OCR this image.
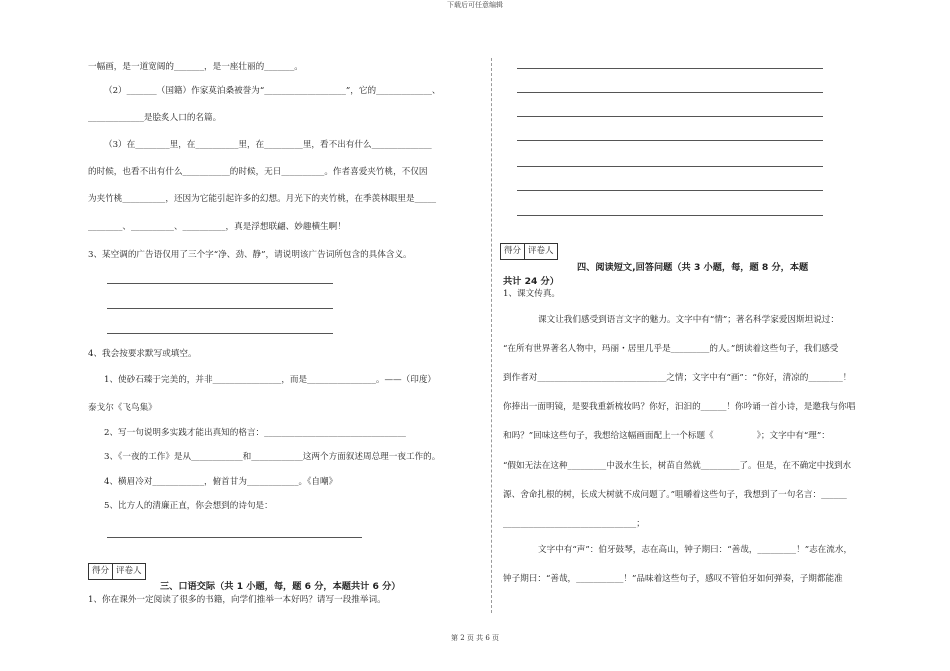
下载后可任意编辑
一幅画，是一道宽阔的_______，是一座壮丽的_______。
（2）_______（国籍）作家莫泊桑被誉为“___________________”，它的_____________、
_____________是脍炙人口的名篇。
（3）在________里，在__________里，在_________里，看不出有什么______________
的时候，也看不出有什么___________的时候，无日__________。作者喜爱夹竹桃，不仅因
为夹竹桃__________，还因为它能引起许多的幻想。月光下的夹竹桃，在季羡林眼里是_____
________、__________、__________，真是浮想联翩、妙趣横生啊！
3、某空调的广告语仅用了三个字“净、劲、静”，请说明该广告词所包含的具体含义。
4、我会按要求默写或填空。
1、使砂石臻于完美的，并非________________，而是________________。——（印度）
泰戈尔《飞鸟集》
2、写一句说明多实践才能出真知的格言：_________________________________
3、《一夜的工作》是从____________和____________这两个方面叙述周总理一夜工作的。
4、横眉冷对____________，俯首甘为____________。《自嘲》
5、比方人的清廉正直，你会想到的诗句是：
得分 评卷人
三、口语交际（共 1 小题，每，题 6 分，本题共计 6 分）
1、你在课外一定阅读了很多的书籍，向学们推举一本好吗？请写一段推举词。
得分 评卷人
四、阅读短文,回答问题（共 3 小题，每，题 8 分，本题
共计 24 分）
1、课文传真。
课文让我们感受到语言文字的魅力。文字中有“情”；著名科学家爱因斯坦说过：
“在所有世界著名人物中，玛丽・居里几乎是_________的人。”朗读着这些句子，我们感受
到作者对______________________________之情；文字中有“画”：“你好，清凉的________！
你捧出一面明镜，是要我重新梳妆吗？你好，汩汩的______！你吟诵一首小诗，是邀我与你唱
和吗？”回味这些句子，我想给这幅画面配上一个标题《　　　　　》；文字中有“理”：
“假如无法在这种_________中汲水生长，树苗自然就_________了。但是，在不确定中找到水
源、舍命扎根的树，长成大树就不成问题了。”咀嚼着这些句子，我想到了一句名言：______
_______________________________；
文字中有“声”：伯牙鼓琴，志在高山，钟子期曰：“善哉，_________！”志在流水，
钟子期曰：“善哉，___________！”品味着这些句子，感叹不管伯牙如何弹奏，子期都能准
第 2 页 共 6 页
